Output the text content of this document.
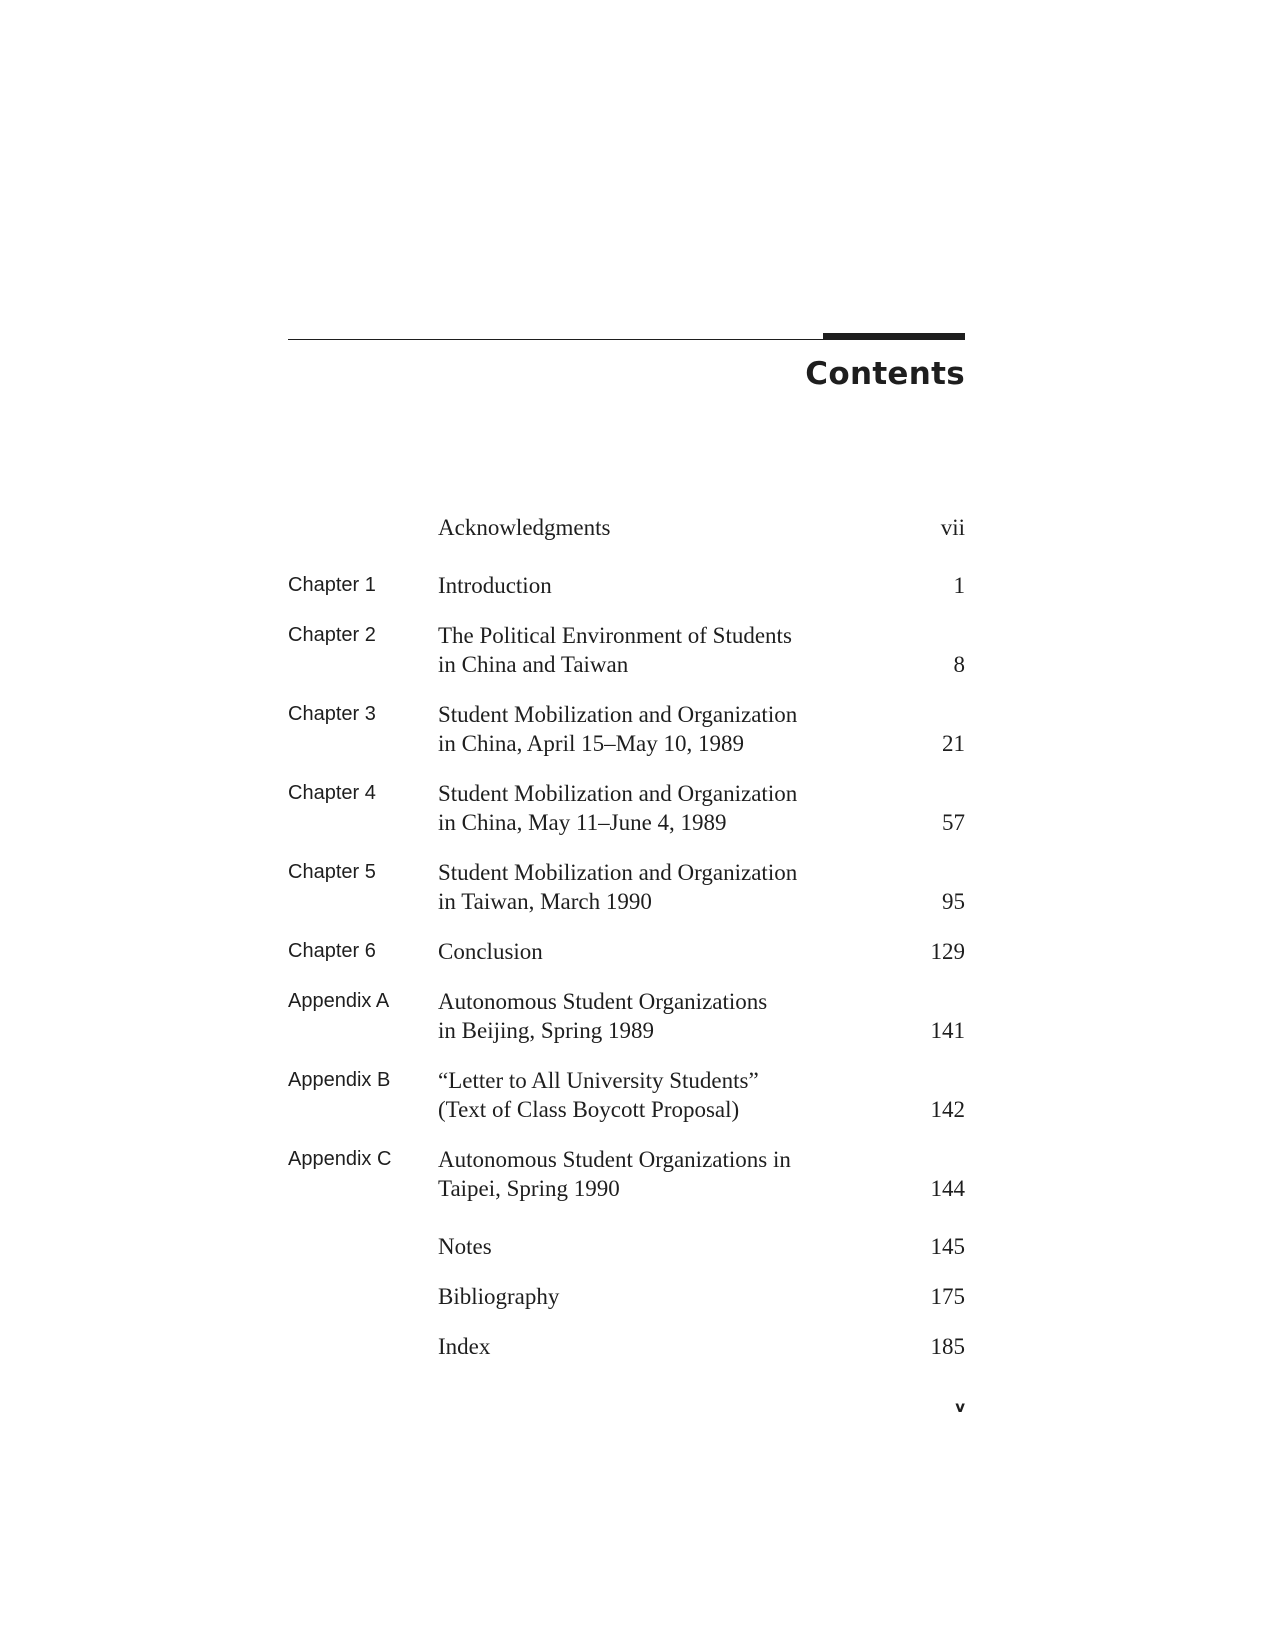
Contents
Acknowledgments	vii
Chapter 1	Introduction	1
Chapter 2	The Political Environment of Students
in China and Taiwan	8
Chapter 3	Student Mobilization and Organization
in China, April 15–May 10, 1989	21
Chapter 4	Student Mobilization and Organization
in China, May 11–June 4, 1989	57
Chapter 5	Student Mobilization and Organization
in Taiwan, March 1990	95
Chapter 6	Conclusion	129
Appendix A Autonomous Student Organizations
in Beijing, Spring 1989	141
Appendix B “Letter to All University Students”
(Text of Class Boycott Proposal)	142
Appendix C Autonomous Student Organizations in
Taipei, Spring 1990	144
Notes	145
Bibliography	175
Index	185
v
